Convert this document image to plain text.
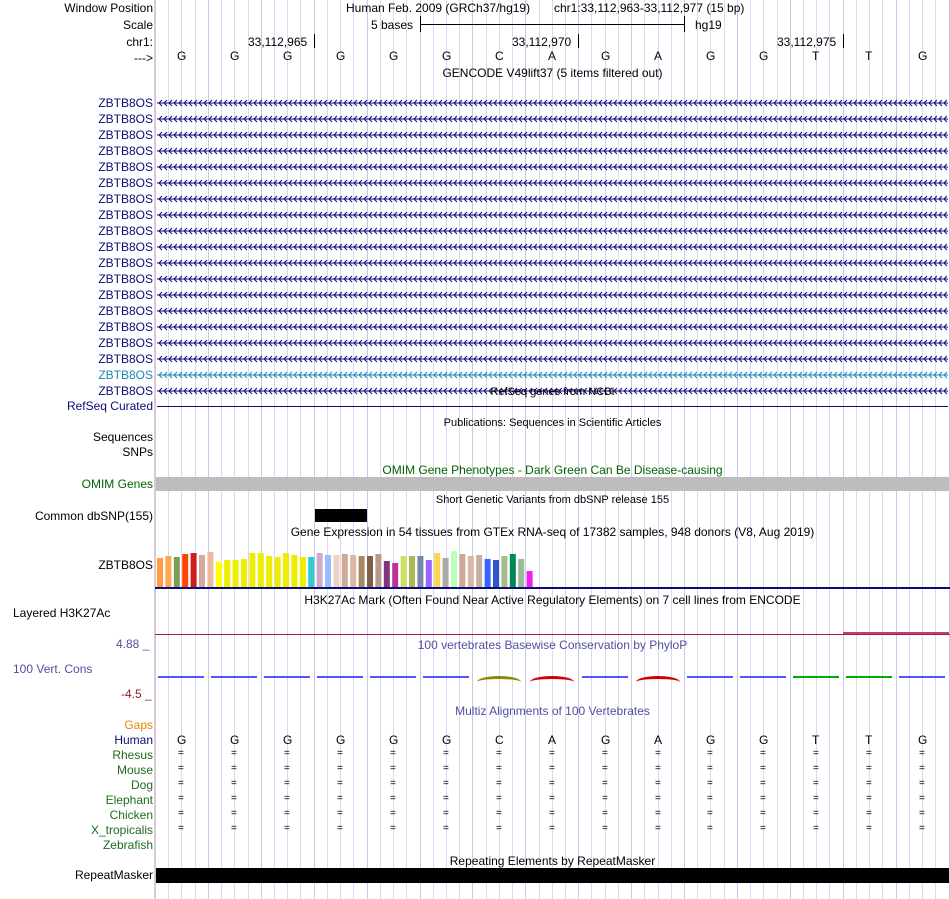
Window Position	Human Feb. 2009 (GRCh37/hg19) chr1:33,112,963-33,112,977 (15 bp)
Scale	5 bases	hg19
chr1:	33,112,965	33,112,970	33,112,975
---> G	G	G	G	G	G	C	A	G	A	G	G	T	T	G
GENCODE V49lift37 (5 items filtered out)
ZBTB8OS
ZBTB8OS
ZBTB8OS
ZBTB8OS
ZBTB8OS
ZBTB8OS
ZBTB8OS
ZBTB8OS
ZBTB8OS
ZBTB8OS
ZBTB8OS
ZBTB8OS
ZBTB8OS
ZBTB8OS
ZBTB8OS
ZBTB8OS
ZBTB8OS
ZBTB8OS
ZBTB8OS	RefSeq genes from NCBI
RefSeq Curated
Publications: Sequences in Scientific Articles
Sequences
SNPs
OMIM Gene Phenotypes - Dark Green Can Be Disease-causing
OMIM Genes
Short Genetic Variants from dbSNP release 155
Common dbSNP(155)
Gene Expression in 54 tissues from GTEx RNA-seq of 17382 samples, 948 donors (V8, Aug 2019)
ZBTB8OS
H3K27Ac Mark (Often Found Near Active Regulatory Elements) on 7 cell lines from ENCODE
Layered H3K27Ac
100 vertebrates Basewise Conservation by PhyloP
4.88 _
100 Vert. Cons
-4.5 _
Multiz Alignments of 100 Vertebrates
Gaps
Human G	G	G	G	G	G	C	A	G	A	G	G	T	T	G
Rhesus	=	=	=	=	=	=	=	=	=	=	=	=	=	=	=
Mouse	=	=	=	=	=	=	=	=	=	=	=	=	=	=	=
Dog	=	=	=	=	=	=	=	=	=	=	=	=	=	=	=
Elephant	=	=	=	=	=	=	=	=	=	=	=	=	=	=	=
Chicken	=	=	=	=	=	=	=	=	=	=	=	=	=	=	=
X_tropicalis	=	=	=	=	=	=	=	=	=	=	=	=	=	=	=
Zebrafish
Repeating Elements by RepeatMasker
RepeatMasker
